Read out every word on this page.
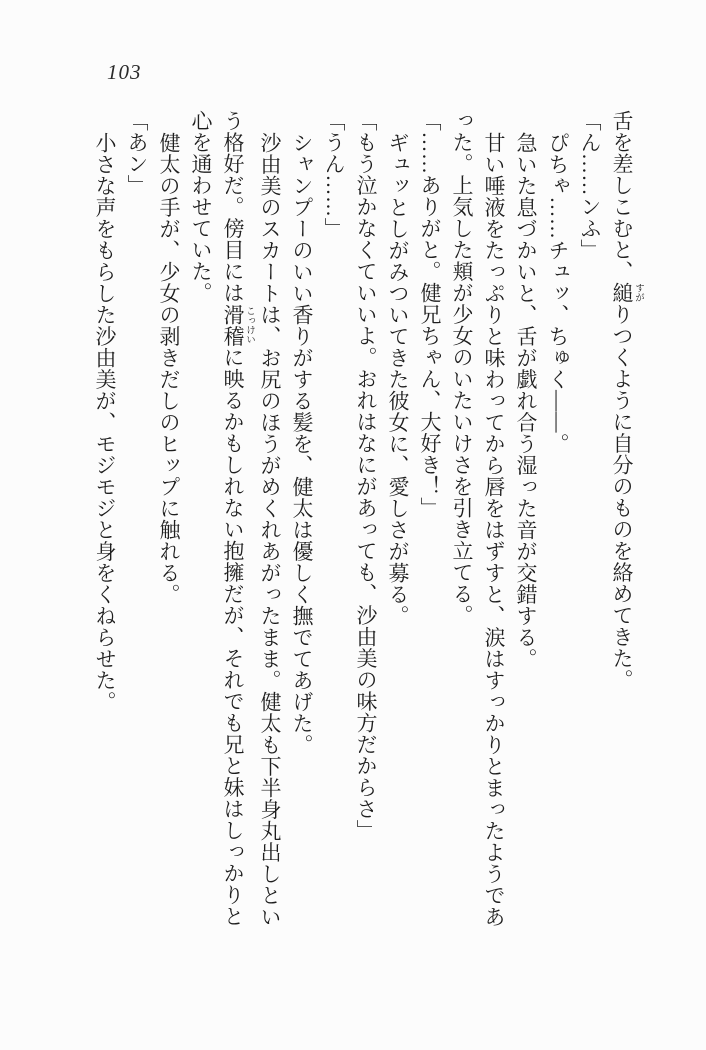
103
舌を差しこむと、縋 すがりつくように自分のものを絡めてきた。
「ん……ンふ」
ぴちゃ……チュッ、ちゅく――。
急いた息づかいと、舌が戯れ合う湿った音が交錯する。
甘い唾液をたっぷりと味わってから唇をはずすと、涙はすっかりとまったようであ
った。上気した頬が少女のいたいけさを引き立てる。
「……ありがと。健兄ちゃん、大好き！」
ギュッとしがみついてきた彼女に、愛しさが募る。
「もう泣かなくていいよ。おれはなにがあっても、沙由美の味方だからさ」
「うん……」
シャンプーのいい香りがする髪を、健太は優しく撫でてあげた。
沙由美のスカートは、お尻のほうがめくれあがったまま。健太も下半身丸出しとい
う格好だ。傍目には滑稽 こっけいに映るかもしれない抱擁だが、それでも兄と妹はしっかりと
心を通わせていた。
健太の手が、少女の剥きだしのヒップに触れる。
「あン」
小さな声をもらした沙由美が、モジモジと身をくねらせた。
